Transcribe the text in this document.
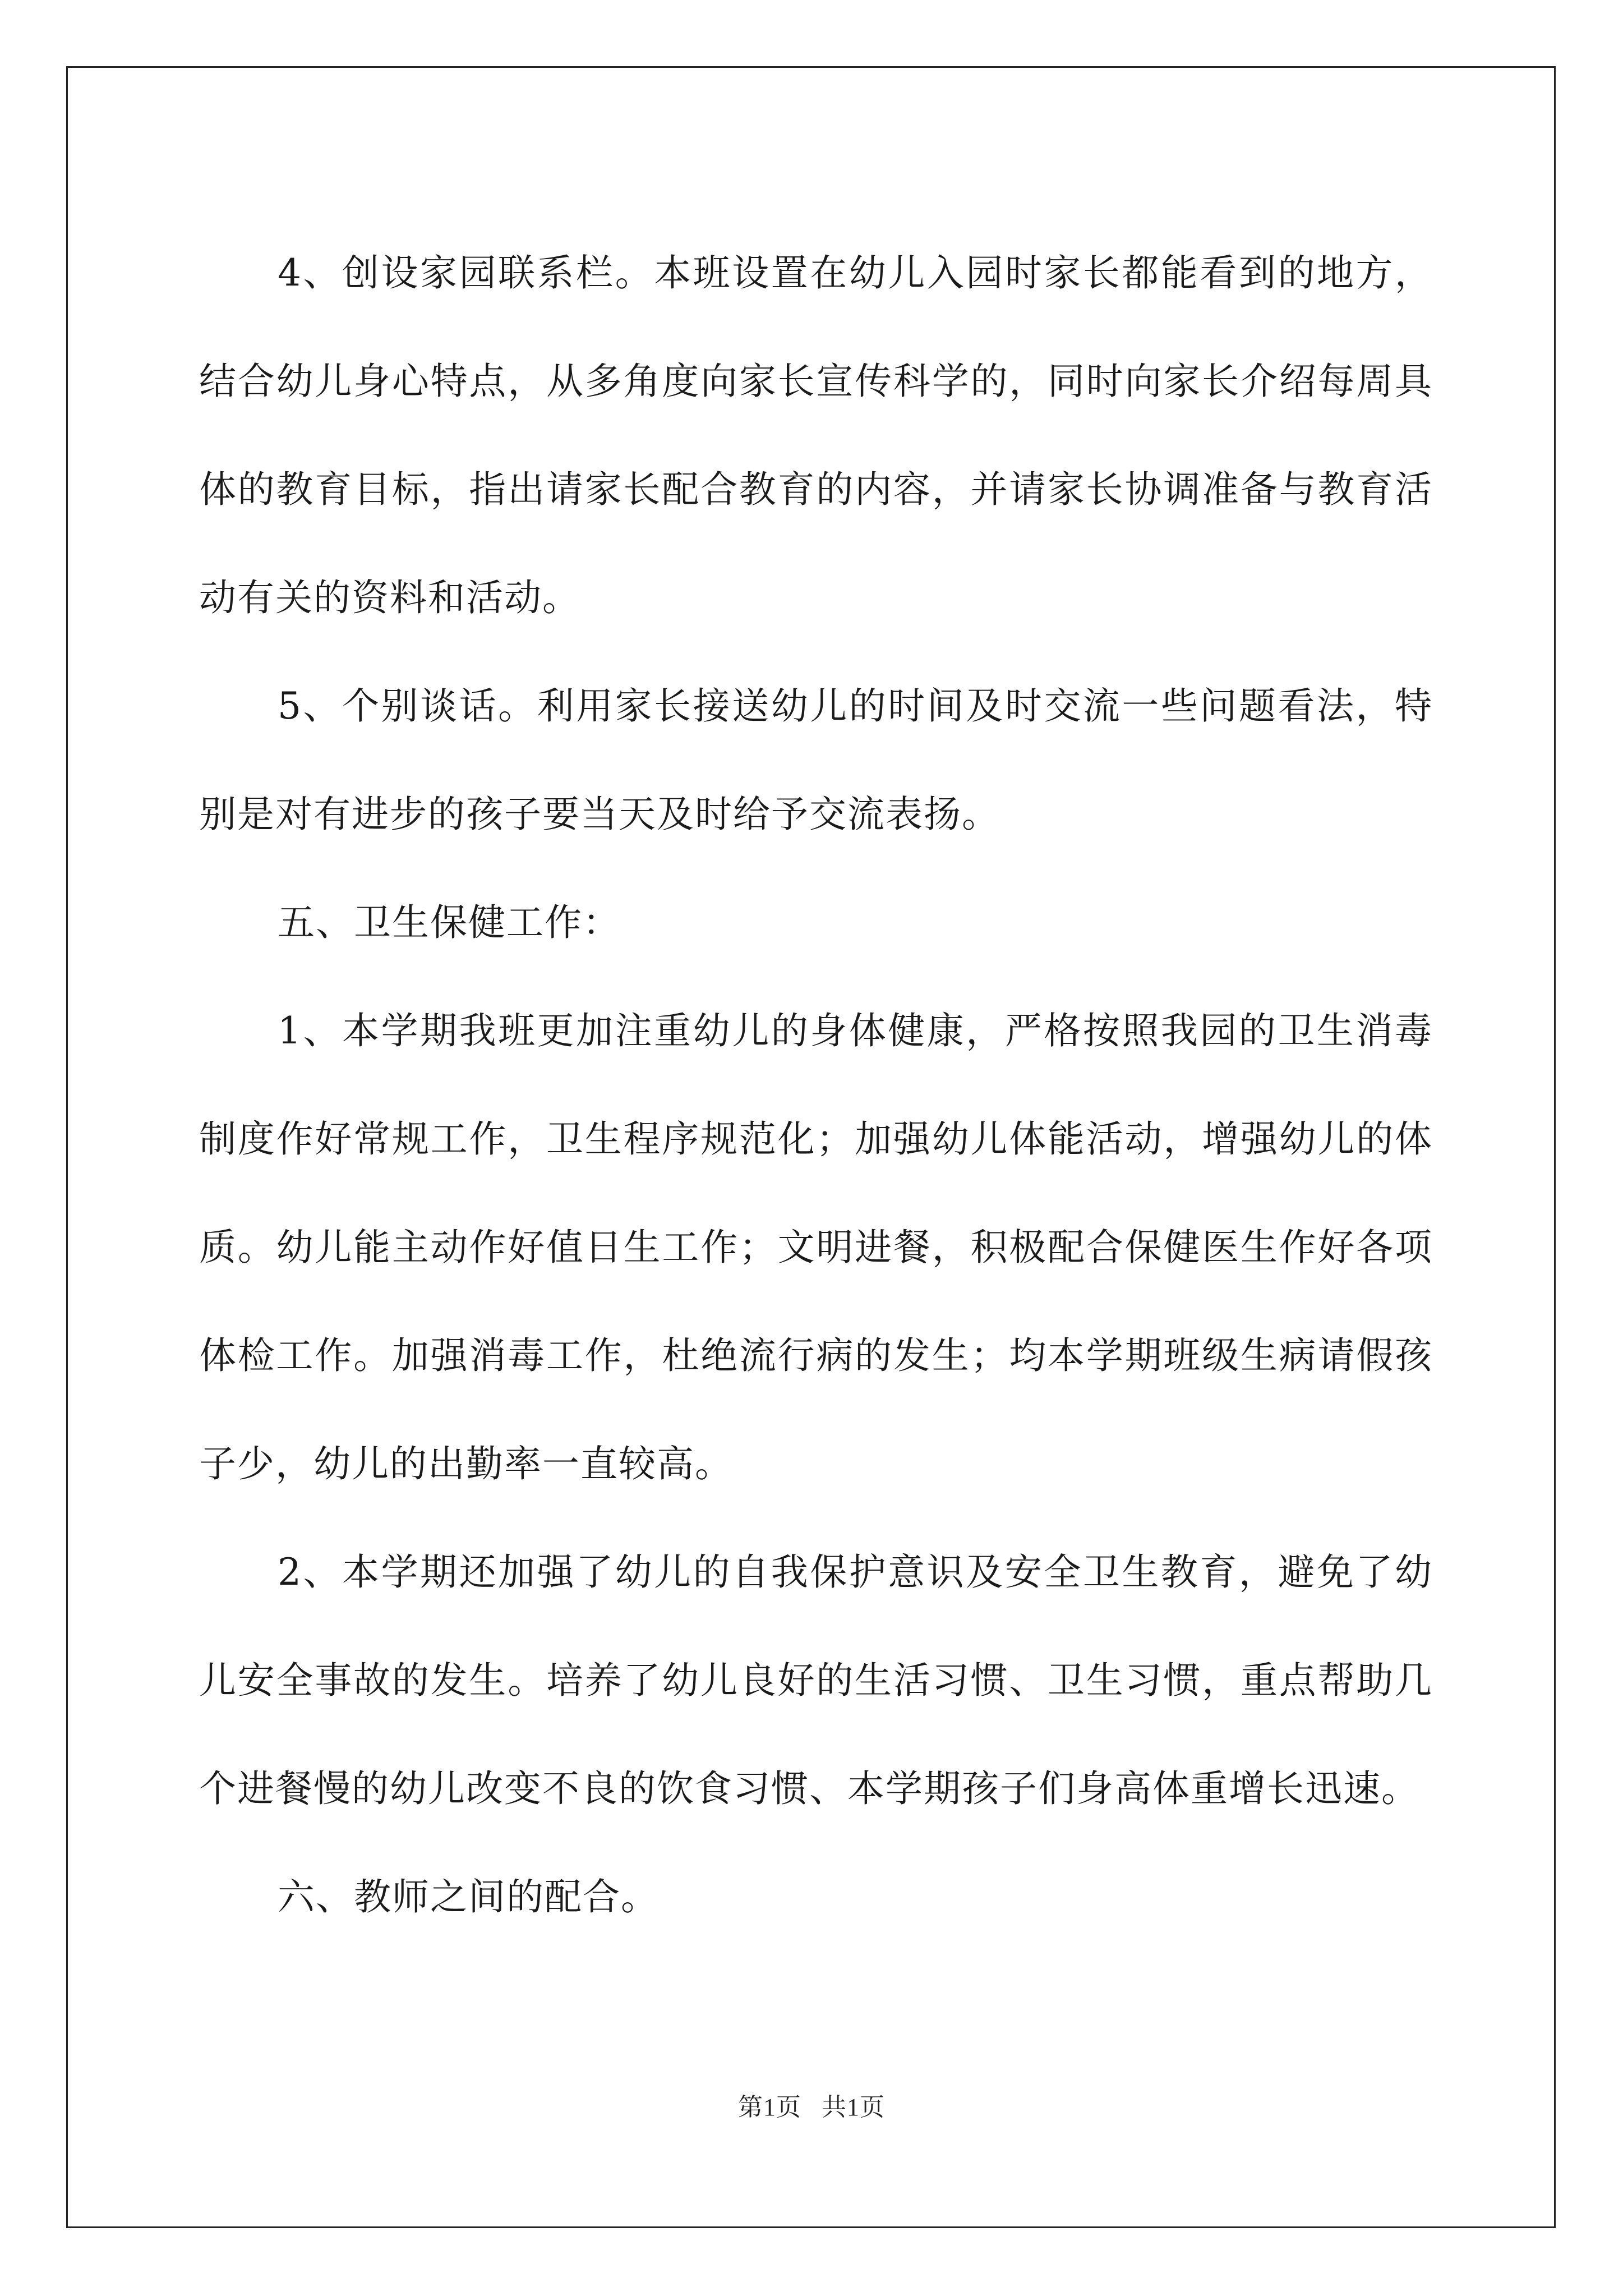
4、创设家园联系栏。本班设置在幼儿入园时家长都能看到的地方，结合幼儿身心特点，从多角度向家长宣传科学的，同时向家长介绍每周具体的教育目标，指出请家长配合教育的内容，并请家长协调准备与教育活动有关的资料和活动。

5、个别谈话。利用家长接送幼儿的时间及时交流一些问题看法，特别是对有进步的孩子要当天及时给予交流表扬。

五、卫生保健工作：

1、本学期我班更加注重幼儿的身体健康，严格按照我园的卫生消毒制度作好常规工作，卫生程序规范化；加强幼儿体能活动，增强幼儿的体质。幼儿能主动作好值日生工作；文明进餐，积极配合保健医生作好各项体检工作。加强消毒工作，杜绝流行病的发生；均本学期班级生病请假孩子少，幼儿的出勤率一直较高。

2、本学期还加强了幼儿的自我保护意识及安全卫生教育，避免了幼儿安全事故的发生。培养了幼儿良好的生活习惯、卫生习惯，重点帮助几个进餐慢的幼儿改变不良的饮食习惯、本学期孩子们身高体重增长迅速。

六、教师之间的配合。

第1页 共1页
